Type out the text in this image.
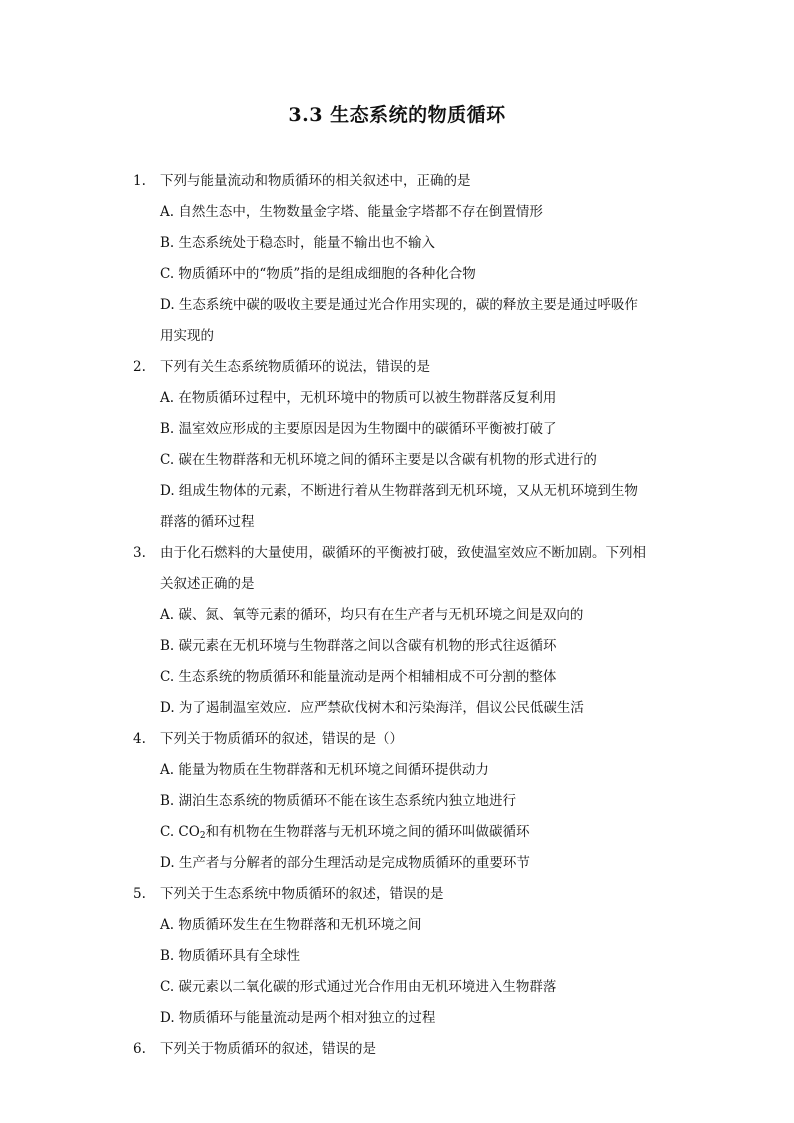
3.3 生态系统的物质循环
1. 下列与能量流动和物质循环的相关叙述中，正确的是
A. 自然生态中，生物数量金字塔、能量金字塔都不存在倒置情形
B. 生态系统处于稳态时，能量不输出也不输入
C. 物质循环中的“物质”指的是组成细胞的各种化合物
D. 生态系统中碳的吸收主要是通过光合作用实现的，碳的释放主要是通过呼吸作
用实现的
2. 下列有关生态系统物质循环的说法，错误的是
A. 在物质循环过程中，无机环境中的物质可以被生物群落反复利用
B. 温室效应形成的主要原因是因为生物圈中的碳循环平衡被打破了
C. 碳在生物群落和无机环境之间的循环主要是以含碳有机物的形式进行的
D. 组成生物体的元素，不断进行着从生物群落到无机环境，又从无机环境到生物
群落的循环过程
3. 由于化石燃料的大量使用，碳循环的平衡被打破，致使温室效应不断加剧。下列相
关叙述正确的是
A. 碳、氮、氧等元素的循环，均只有在生产者与无机环境之间是双向的
B. 碳元素在无机环境与生物群落之间以含碳有机物的形式往返循环
C. 生态系统的物质循环和能量流动是两个相辅相成不可分割的整体
D. 为了遏制温室效应．应严禁砍伐树木和污染海洋，倡议公民低碳生活
4. 下列关于物质循环的叙述，错误的是（）
A. 能量为物质在生物群落和无机环境之间循环提供动力
B. 湖泊生态系统的物质循环不能在该生态系统内独立地进行
C. $CO_2$和有机物在生物群落与无机环境之间的循环叫做碳循环
D. 生产者与分解者的部分生理活动是完成物质循环的重要环节
5. 下列关于生态系统中物质循环的叙述，错误的是
A. 物质循环发生在生物群落和无机环境之间
B. 物质循环具有全球性
C. 碳元素以二氧化碳的形式通过光合作用由无机环境进入生物群落
D. 物质循环与能量流动是两个相对独立的过程
6. 下列关于物质循环的叙述，错误的是
